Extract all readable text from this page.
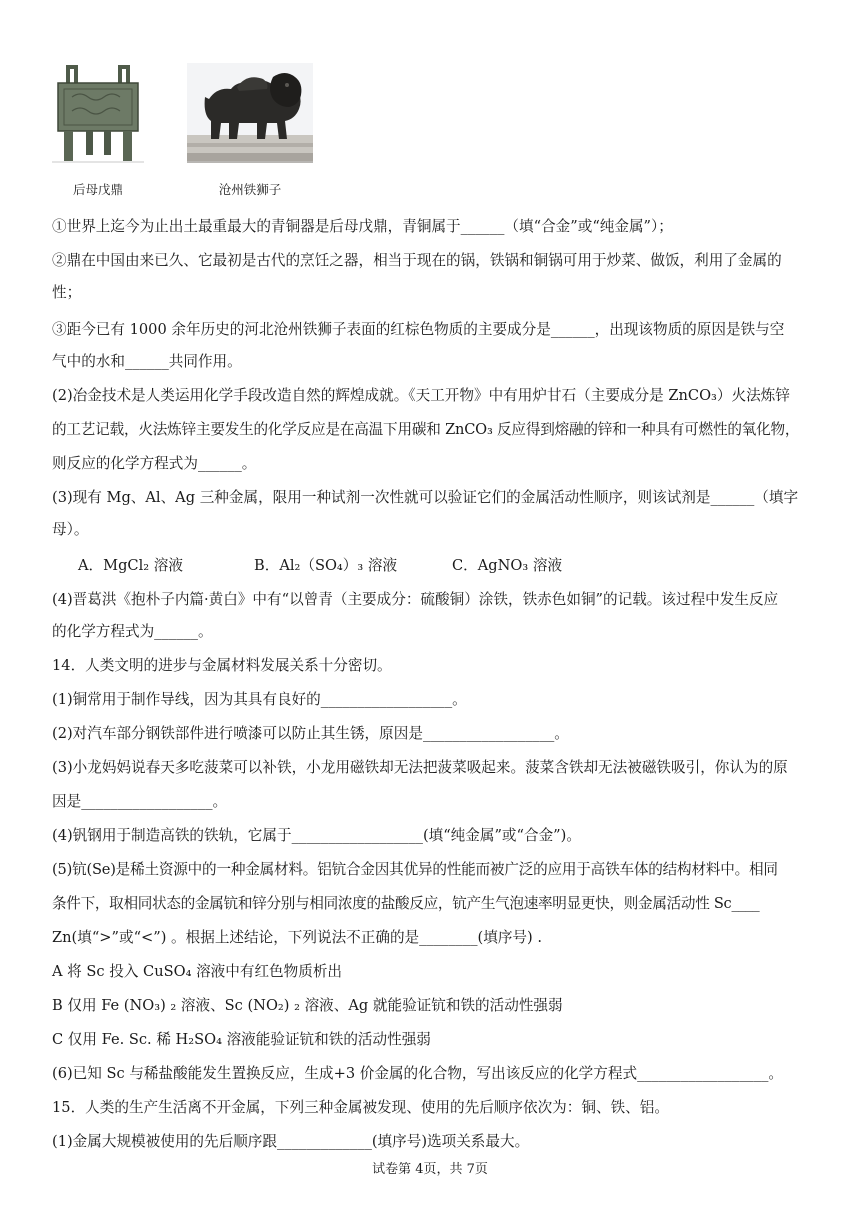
后母戊鼎	沧州铁狮子
①世界上迄今为止出土最重最大的青铜器是后母戊鼎，青铜属于______（填“合金”或“纯金属”）；
②鼎在中国由来已久、它最初是古代的烹饪之器，相当于现在的锅，铁锅和铜锅可用于炒菜、做饭，利用了金属的
性；
③距今已有 1000 余年历史的河北沧州铁狮子表面的红棕色物质的主要成分是______，出现该物质的原因是铁与空
气中的水和______共同作用。
(2)冶金技术是人类运用化学手段改造自然的辉煌成就。《天工开物》中有用炉甘石（主要成分是 ZnCO₃）火法炼锌
的工艺记载，火法炼锌主要发生的化学反应是在高温下用碳和 ZnCO₃ 反应得到熔融的锌和一种具有可燃性的氧化物，
则反应的化学方程式为______。
(3)现有 Mg、Al、Ag 三种金属，限用一种试剂一次性就可以验证它们的金属活动性顺序，则该试剂是______（填字
母）。
A．MgCl₂ 溶液	B．Al₂（SO₄）₃ 溶液	C．AgNO₃ 溶液
(4)晋葛洪《抱朴子内篇·黄白》中有“以曾青（主要成分：硫酸铜）涂铁，铁赤色如铜”的记载。该过程中发生反应
的化学方程式为______。
14．人类文明的进步与金属材料发展关系十分密切。
(1)铜常用于制作导线，因为其具有良好的__________________。
(2)对汽车部分钢铁部件进行喷漆可以防止其生锈，原因是__________________。
(3)小龙妈妈说春天多吃菠菜可以补铁，小龙用磁铁却无法把菠菜吸起来。菠菜含铁却无法被磁铁吸引，你认为的原
因是__________________。
(4)钒钢用于制造高铁的铁轨，它属于__________________(填“纯金属”或“合金”)。
(5)钪(Se)是稀土资源中的一种金属材料。铝钪合金因其优异的性能而被广泛的应用于高铁车体的结构材料中。相同
条件下，取相同状态的金属钪和锌分别与相同浓度的盐酸反应，钪产生气泡速率明显更快，则金属活动性 Sc____
Zn(填“>”或“<”) 。根据上述结论，下列说法不正确的是________(填序号) .
A 将 Sc 投入 CuSO₄ 溶液中有红色物质析出
B 仅用 Fe (NO₃) ₂ 溶液、Sc (NO₂) ₂ 溶液、Ag 就能验证钪和铁的活动性强弱
C 仅用 Fe. Sc. 稀 H₂SO₄ 溶液能验证钪和铁的活动性强弱
(6)已知 Sc 与稀盐酸能发生置换反应，生成+3 价金属的化合物，写出该反应的化学方程式__________________。
15．人类的生产生活离不开金属，下列三种金属被发现、使用的先后顺序依次为：铜、铁、铝。
(1)金属大规模被使用的先后顺序跟_____________(填序号)选项关系最大。
试卷第 4页，共 7页
